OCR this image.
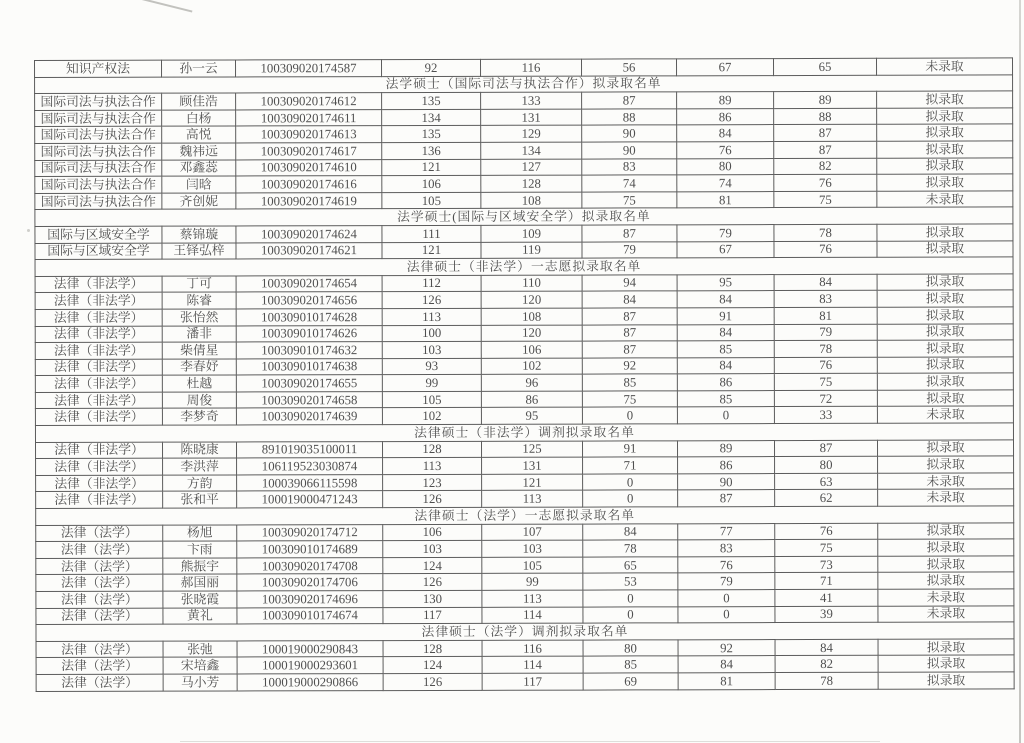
知识产权法	孙一云	100309020174587	92	116	56	67	65	未录取
法学硕士（国际司法与执法合作）拟录取名单								
国际司法与执法合作	顾佳浩	100309020174612	135	133	87	89	89	拟录取
国际司法与执法合作	白杨	100309020174611	134	131	88	86	88	拟录取
国际司法与执法合作	高悦	100309020174613	135	129	90	84	87	拟录取
国际司法与执法合作	魏祎远	100309020174617	136	134	90	76	87	拟录取
国际司法与执法合作	邓鑫蕊	100309020174610	121	127	83	80	82	拟录取
国际司法与执法合作	闫晗	100309020174616	106	128	74	74	76	拟录取
国际司法与执法合作	齐创妮	100309020174619	105	108	75	81	75	未录取
法学硕士(国际与区域安全学）拟录取名单								
国际与区域安全学	蔡锦璇	100309020174624	111	109	87	79	78	拟录取
国际与区域安全学	王铎弘梓	100309020174621	121	119	79	67	76	拟录取
法律硕士（非法学）一志愿拟录取名单								
法律（非法学）	丁可	100309020174654	112	110	94	95	84	拟录取
法律（非法学）	陈睿	100309020174656	126	120	84	84	83	拟录取
法律（非法学）	张怡然	100309010174628	113	108	87	91	81	拟录取
法律（非法学）	潘非	100309010174626	100	120	87	84	79	拟录取
法律（非法学）	柴倩星	100309010174632	103	106	87	85	78	拟录取
法律（非法学）	李春妤	100309010174638	93	102	92	84	76	拟录取
法律（非法学）	杜越	100309020174655	99	96	85	86	75	拟录取
法律（非法学）	周俊	100309020174658	105	86	75	85	72	拟录取
法律（非法学）	李梦奇	100309020174639	102	95	0	0	33	未录取
法律硕士（非法学）调剂拟录取名单								
法律（非法学）	陈晓康	891019035100011	128	125	91	89	87	拟录取
法律（非法学）	李洪萍	106119523030874	113	131	71	86	80	拟录取
法律（非法学）	方韵	100039066115598	123	121	0	90	63	未录取
法律（非法学）	张和平	100019000471243	126	113	0	87	62	未录取
法律硕士（法学）一志愿拟录取名单								
法律（法学）	杨旭	100309020174712	106	107	84	77	76	拟录取
法律（法学）	卞雨	100309010174689	103	103	78	83	75	拟录取
法律（法学）	熊振宇	100309020174708	124	105	65	76	73	拟录取
法律（法学）	郝国丽	100309020174706	126	99	53	79	71	拟录取
法律（法学）	张晓霞	100309020174696	130	113	0	0	41	未录取
法律（法学）	黄礼	100309010174674	117	114	0	0	39	未录取
法律硕士（法学）调剂拟录取名单								
法律（法学）	张弛	100019000290843	128	116	80	92	84	拟录取
法律（法学）	宋培鑫	100019000293601	124	114	85	84	82	拟录取
法律（法学）	马小芳	100019000290866	126	117	69	81	78	拟录取
